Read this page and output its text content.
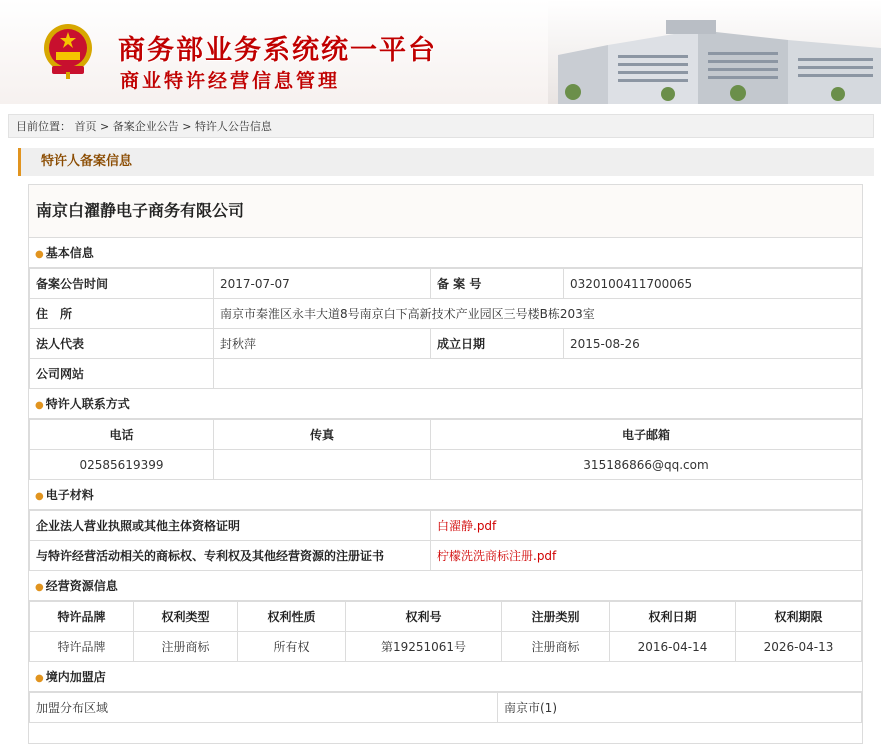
商务部业务系统统一平台
商业特许经营信息管理
目前位置： 首页 > 备案企业公告 > 特许人公告信息
特许人备案信息
南京白濯静电子商务有限公司
● 基本信息
备案公告时间	2017-07-07	备 案 号	0320100411700065
住　所	南京市秦淮区永丰大道8号南京白下高新技术产业园区三号楼B栋203室		
法人代表	封秋萍	成立日期	2015-08-26
公司网站			
● 特许人联系方式
电话	传真	电子邮箱
02585619399		315186866@qq.com
● 电子材料
企业法人营业执照或其他主体资格证明	白濯静.pdf
与特许经营活动相关的商标权、专利权及其他经营资源的注册证书	柠檬洗洗商标注册.pdf
● 经营资源信息
特许品牌	权利类型	权利性质	权利号	注册类别	权利日期	权利期限
特许品牌	注册商标	所有权	第19251061号	注册商标	2016-04-14	2026-04-13
● 境内加盟店
加盟分布区域	南京市(1)
